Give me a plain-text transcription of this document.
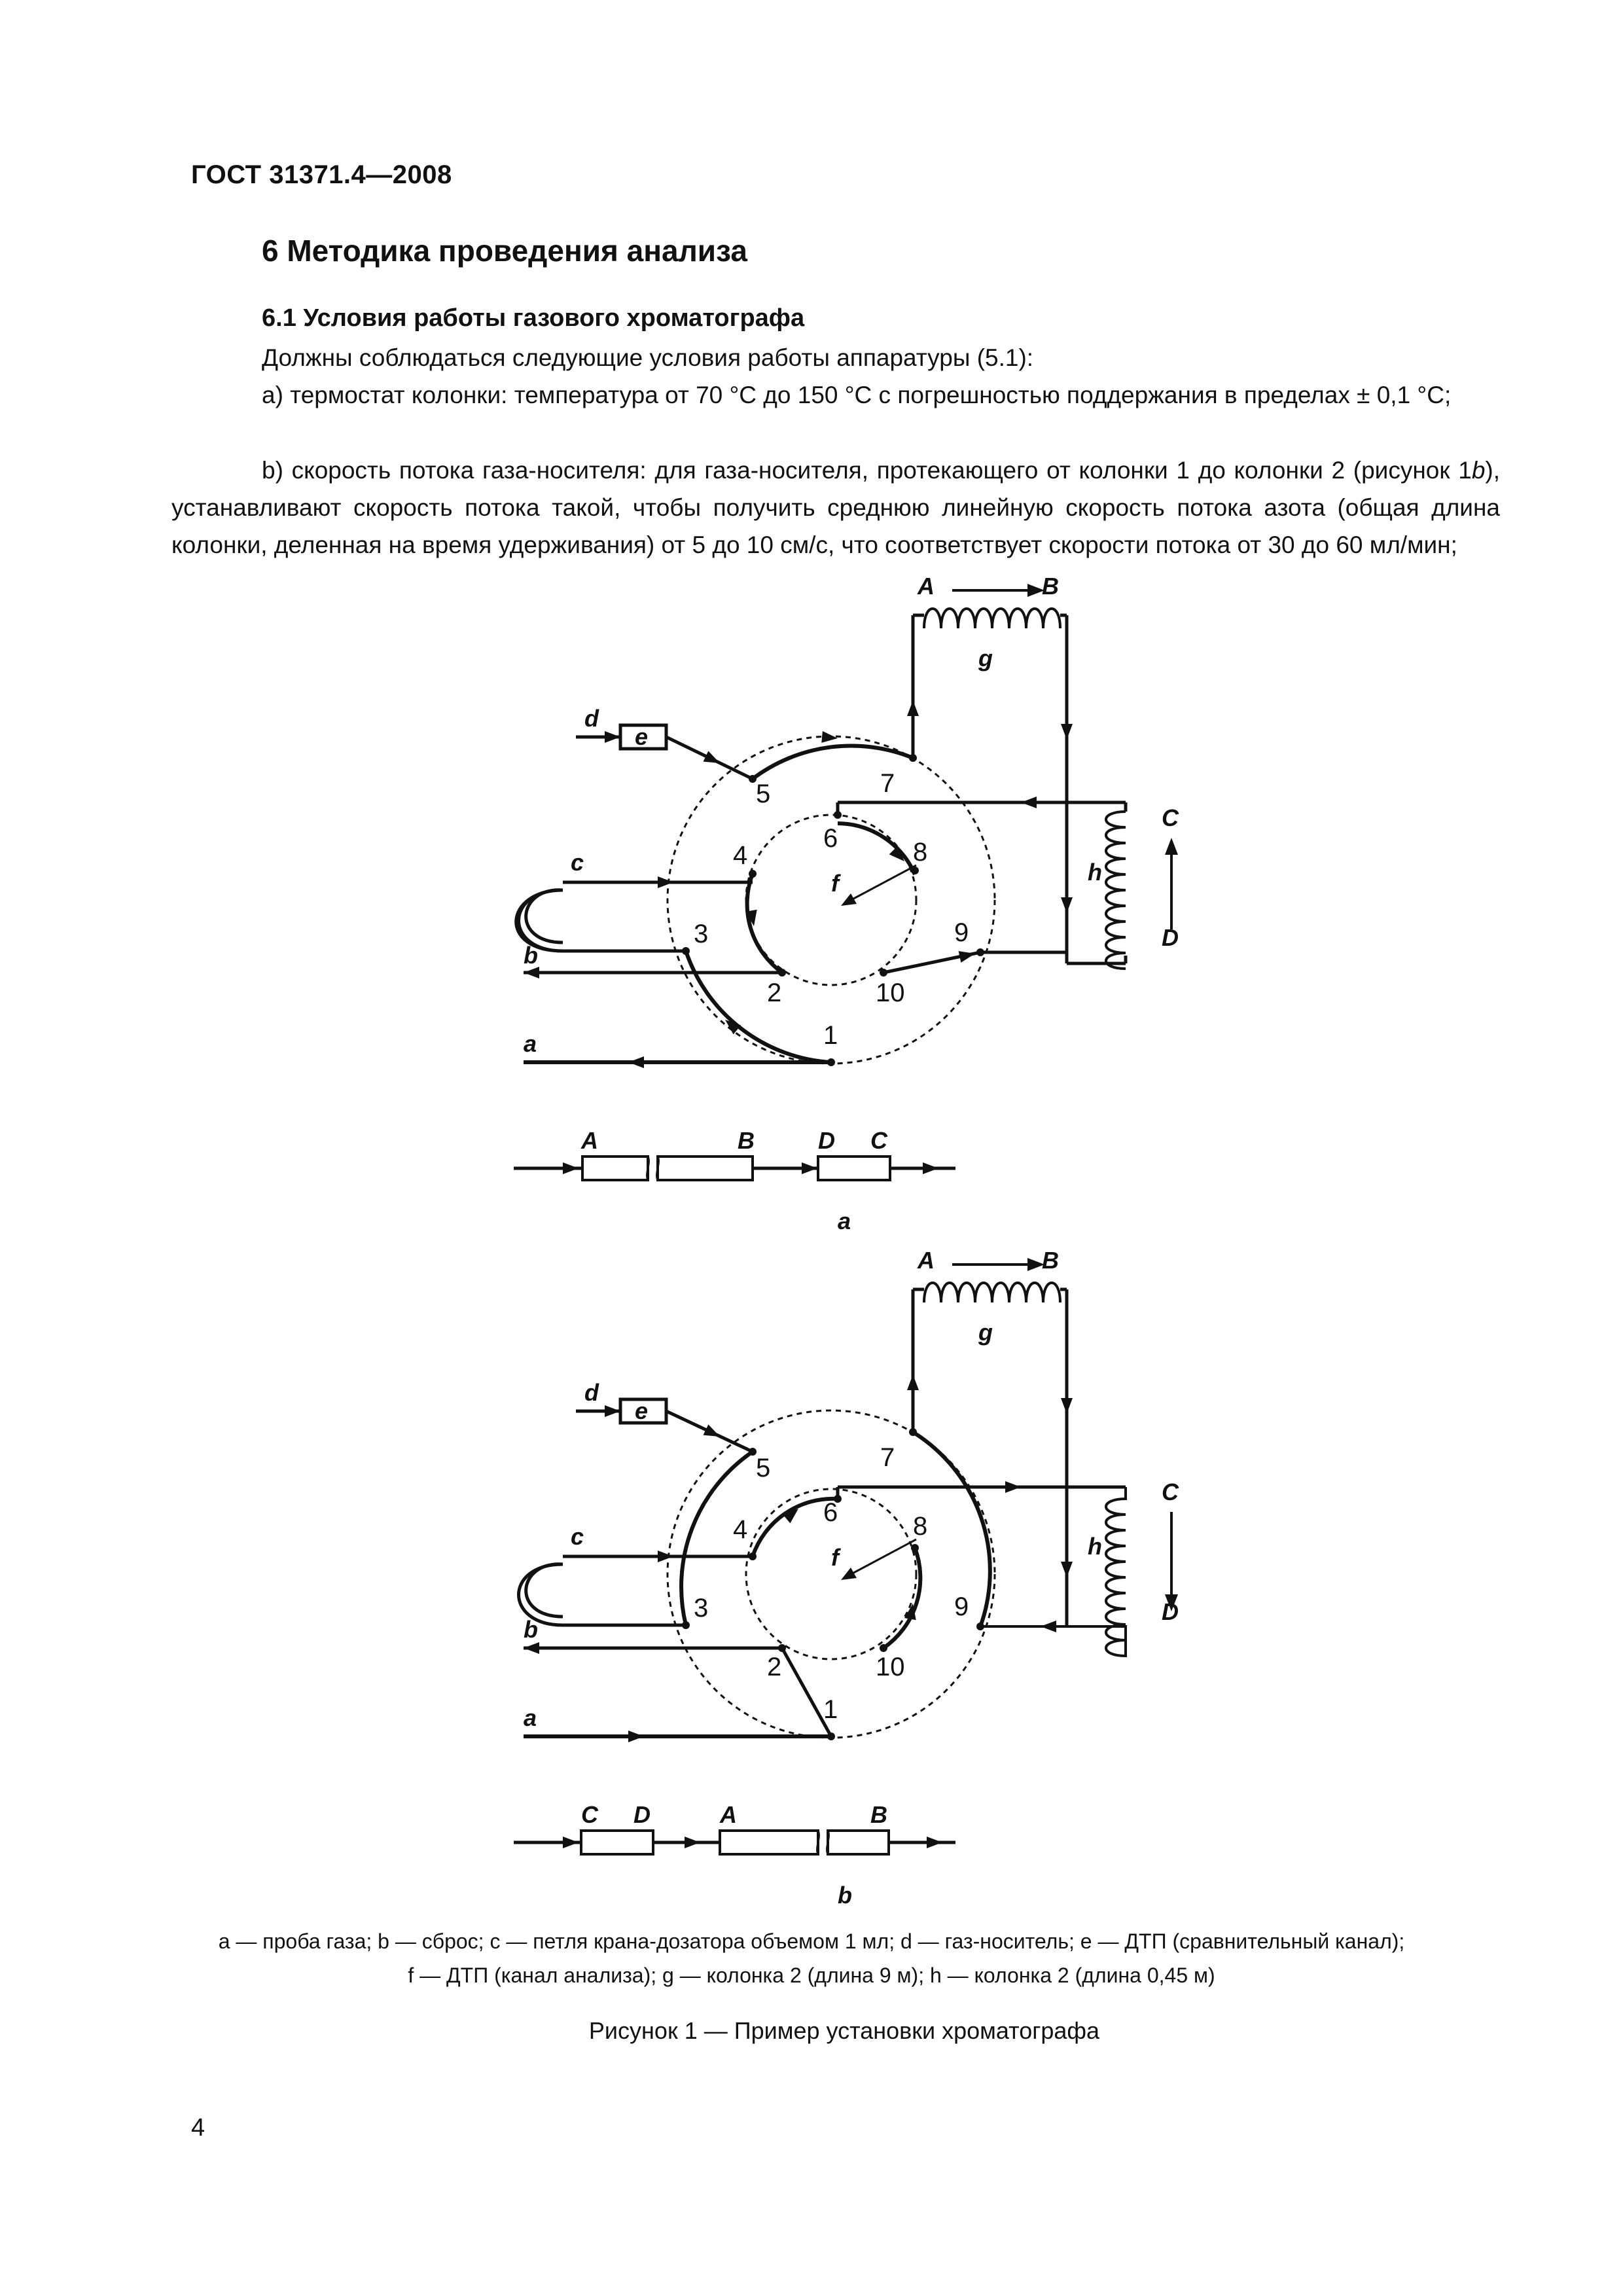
ГОСТ 31371.4—2008
6 Методика проведения анализа
6.1 Условия работы газового хроматографа
Должны соблюдаться следующие условия работы аппаратуры (5.1):
a) термостат колонки: температура от 70 °С до 150 °С с погрешностью поддержания в пределах ± 0,1 °С;
b) скорость потока газа-носителя: для газа-носителя, протекающего от колонки 1 до колонки 2 (рисунок 1b), устанавливают скорость потока такой, чтобы получить среднюю линейную скорость потока азота (общая длина колонки, деленная на время удерживания) от 5 до 10 см/с, что соответствует скорости потока от 30 до 60 мл/мин;
A	B
g
d
e
C
D
h
c
f
b
a	1
2
3
4
5
6
7
8
9
10
A	B	D C
a
A	B
g
d
e
C
D
h
c
f
b
a	1
2
3
4
5
6
7
8
9
10
C D	A	B
b
a — проба газа; b — сброс; c — петля крана-дозатора объемом 1 мл; d — газ-носитель; e — ДТП (сравнительный канал);
f — ДТП (канал анализа); g — колонка 2 (длина 9 м); h — колонка 2 (длина 0,45 м)
Рисунок 1 — Пример установки хроматографа
4
